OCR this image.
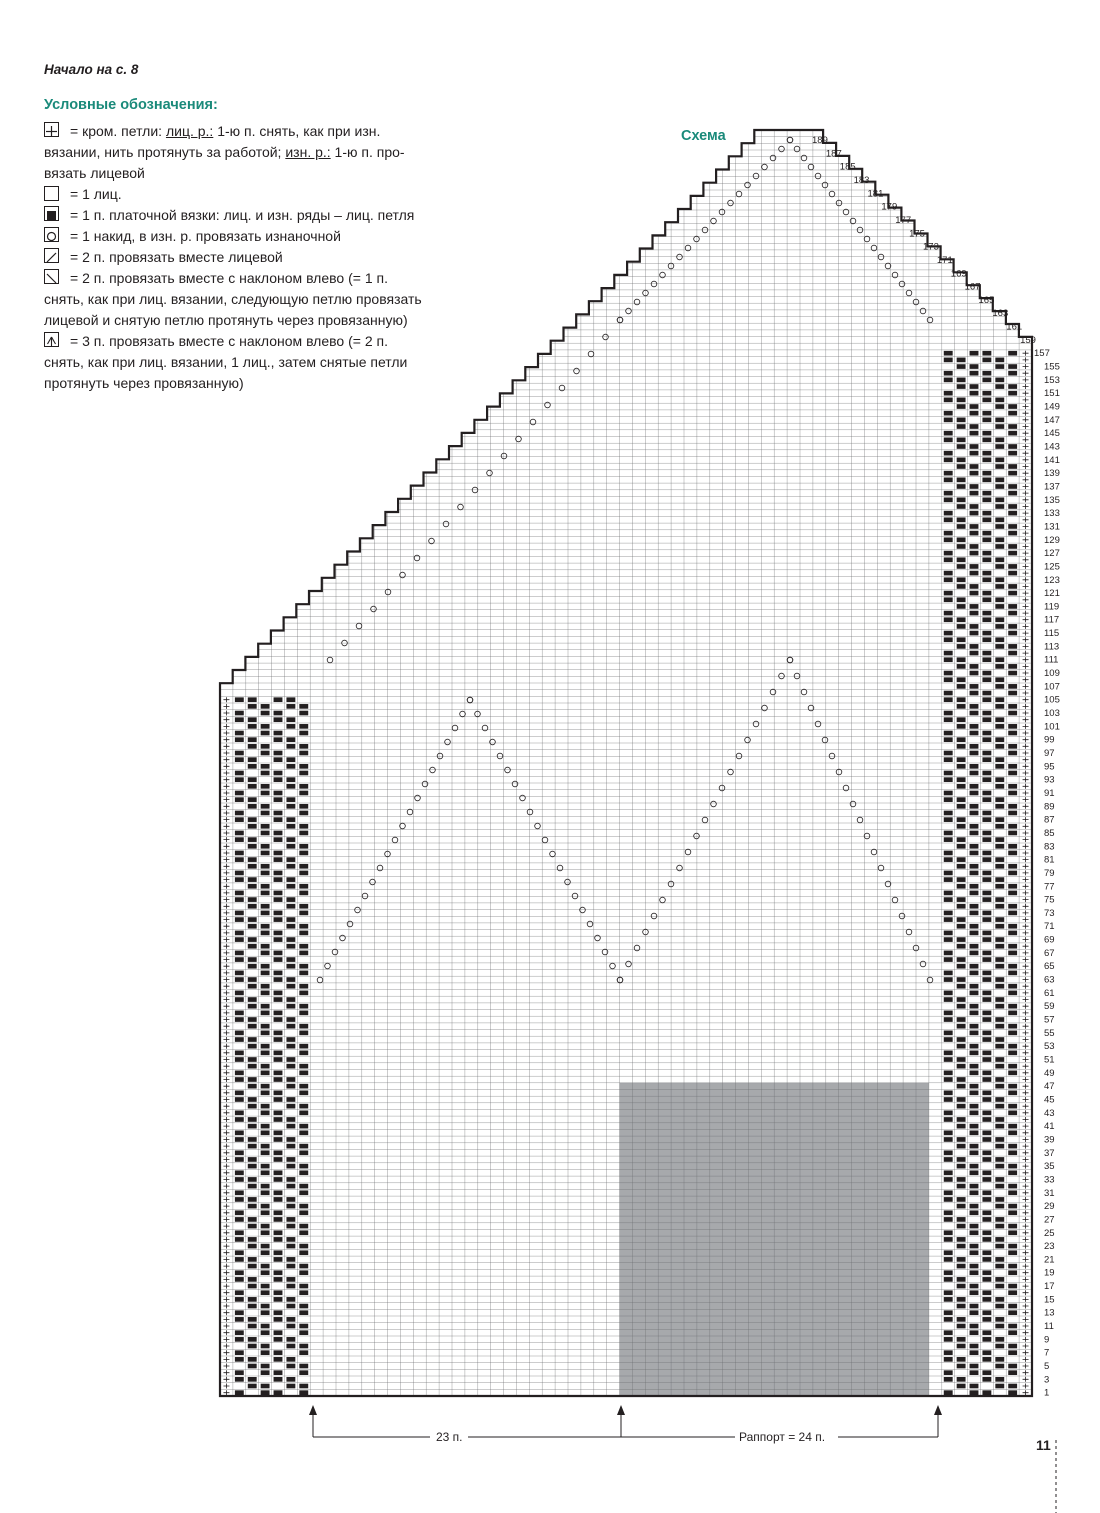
Начало на с. 8
Условные обозначения:
= кром. петли: лиц. р.: 1-ю п. снять, как при изн.
вязании, нить протянуть за работой; изн. р.: 1-ю п. про-
вязать лицевой
= 1 лиц.
= 1 п. платочной вязки: лиц. и изн. ряды – лиц. петля
= 1 накид, в изн. р. провязать изнаночной
= 2 п. провязать вместе лицевой
= 2 п. провязать вместе с наклоном влево (= 1 п.
снять, как при лиц. вязании, следующую петлю провязать
лицевой и снятую петлю протянуть через провязанную)
= 3 п. провязать вместе с наклоном влево (= 2 п.
снять, как при лиц. вязании, 1 лиц., затем снятые петли
протянуть через провязанную)
Схема
1
3
5
7
9
11
13
15
17
19
21
23
25
27
29
31
33
35
37
39
41
43
45
47
49
51
53
55
57
59
61
63
65
67
69
71
73
75
77
79
81
83
85
87
89
91
93
95
97
99
101
103
105
107
109
111
113
115
117
119
121
123
125
127
129
131
133
135
137
139
141
143
145
147
149
151
153
155
157
159
161
163
165
167
169
171
173
175
177
179
181
183
185
187
189
23 п.	Раппорт = 24 п.	11
